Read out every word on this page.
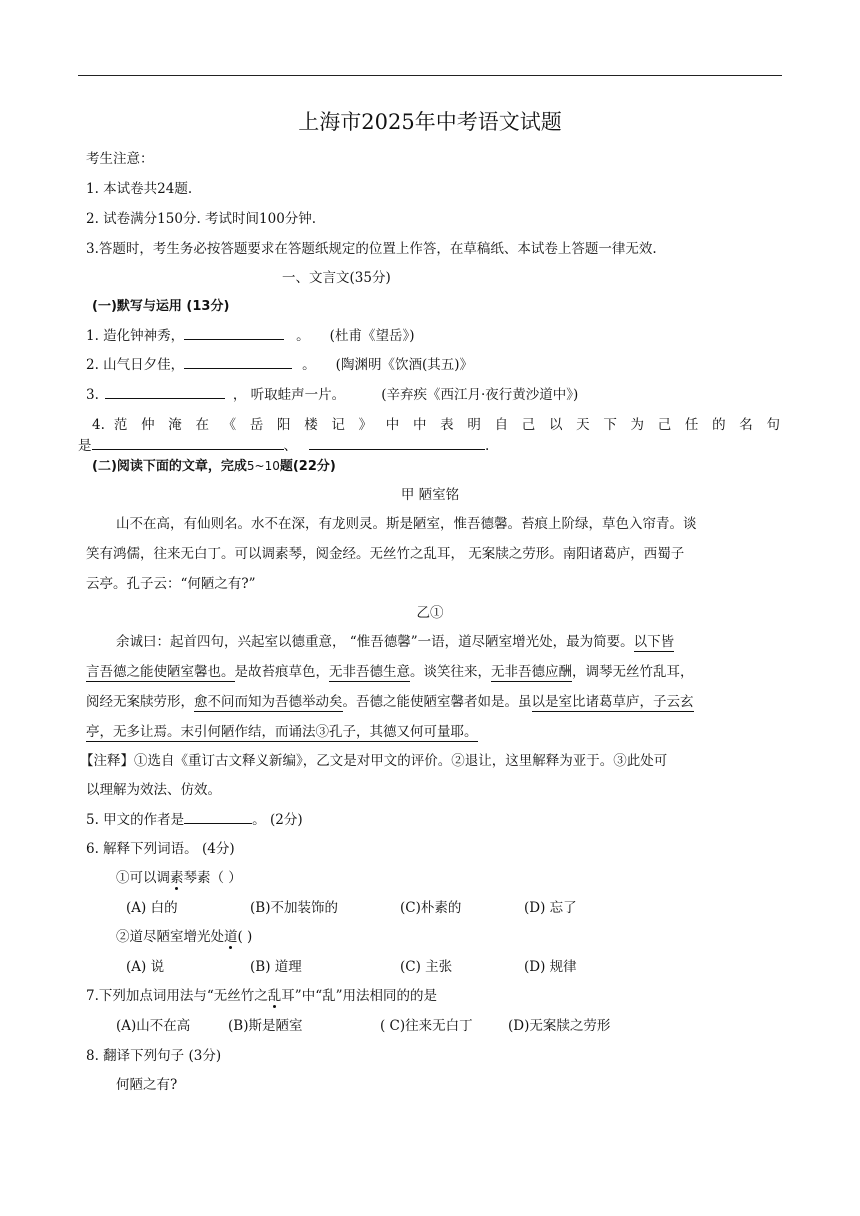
上海市2025年中考语文试题
考生注意：
1. 本试卷共24题.
2. 试卷满分150分. 考试时间100分钟.
3.答题时，考生务必按答题要求在答题纸规定的位置上作答，在草稿纸、本试卷上答题一律无效.
一、文言文(35分)
(一)默写与运用 (13分)
1. 造化钟神秀，	。 (杜甫《望岳》)
2. 山气日夕佳，	。 (陶渊明《饮酒(其五)》
3.	， 听取蛙声一片。	(辛弃疾《西江月·夜行黄沙道中》)
4. 范 仲 淹 在 《 岳 阳 楼 记 》 中 中 表 明 自 己 以 天 下 为 己 任 的 名 句
是	、	.
(二)阅读下面的文章，完成5~10题(22分)
甲 陋室铭
山不在高，有仙则名。水不在深，有龙则灵。斯是陋室，惟吾德馨。苔痕上阶绿，草色入帘青。谈
笑有鸿儒，往来无白丁。可以调素琴，阅金经。无丝竹之乱耳， 无案牍之劳形。南阳诸葛庐，西蜀子
云亭。孔子云：“何陋之有?”
乙①
余诚曰：起首四句，兴起室以德重意， “惟吾德馨”一语，道尽陋室增光处，最为简要。以下皆
言吾德之能使陋室馨也。是故苔痕草色，无非吾德生意。谈笑往来，无非吾德应酬，调琴无丝竹乱耳，
阅经无案牍劳形，愈不问而知为吾德举动矣。吾德之能使陋室馨者如是。虽以是室比诸葛草庐，子云玄
亭，无多让焉。末引何陋作结，而诵法③孔子，其德又何可量耶。
【注释】①选自《重订古文释义新编》，乙文是对甲文的评价。②退让，这里解释为亚于。③此处可
以理解为效法、仿效。
5. 甲文的作者是	。 (2分)
6. 解释下列词语。 (4分)
①可以调素琴素（ ）
(A) 白的	(B)不加装饰的	(C)朴素的	(D) 忘了
②道尽陋室增光处道( )
(A) 说	(B) 道理	(C) 主张	(D) 规律
7.下列加点词用法与“无丝竹之乱耳”中“乱”用法相同的的是
(A)山不在高	(B)斯是陋室	( C)往来无白丁	(D)无案牍之劳形
8. 翻译下列句子 (3分)
何陋之有?
